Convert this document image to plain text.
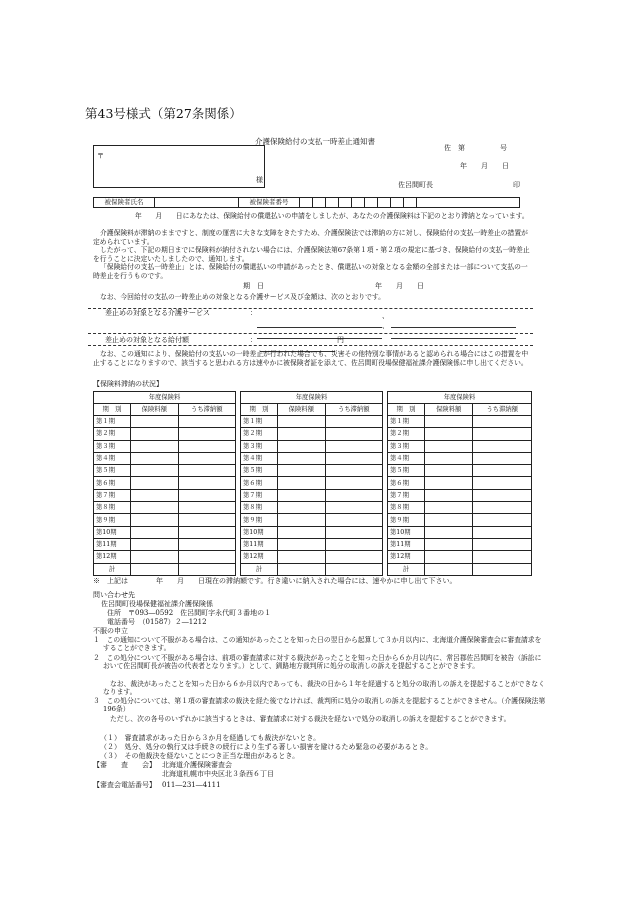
第43号様式（第27条関係）
介護保険給付の支払一時差止通知書
〒
様
佐　第　　　　　号
年　　月　　日
佐呂間町長	印
被保険者氏名	被保険者番号
年　　月　　日にあなたは、保険給付の償還払いの申請をしましたが、あなたの介護保険料は下記のとおり滞納となっています。
介護保険料が滞納のままですと、制度の運営に大きな支障をきたすため、介護保険法では滞納の方に対し、保険給付の支払一時差止の措置が定められています。
したがって、下記の期日までに保険料が納付されない場合には、介護保険法第67条第１項・第２項の規定に基づき、保険給付の支払一時差止を行うことに決定いたしましたので、通知します。
「保険給付の支払一時差止」とは、保険給付の償還払いの申請があったとき、償還払いの対象となる金額の全部または一部について支払の一時差止を行うものです。
期　日	年　　月　　日
なお、今回給付の支払の一時差止めの対象となる介護サービス及び金額は、次のとおりです。
差止めの対象となる介護サービス	：	、
、
差止めの対象となる給付額	：	円
なお、この通知により、保険給付の支払いの一時差止が行われた場合でも、災害その他特別な事情があると認められる場合にはこの措置を中止することになりますので、該当すると思われる方は速やかに被保険者証を添えて、佐呂間町役場保健福祉課介護保険係に申し出てください。
【保険料滞納の状況】
年度保険料		
期　別	保険料額	うち滞納額
第１期		
第２期		
第３期		
第４期		
第５期		
第６期		
第７期		
第８期		
第９期		
第10期		
第11期		
第12期		
計		
年度保険料		
期　別	保険料額	うち滞納額
第１期		
第２期		
第３期		
第４期		
第５期		
第６期		
第７期		
第８期		
第９期		
第10期		
第11期		
第12期		
計		
年度保険料		
期　別	保険料額	うち滞納額
第１期		
第２期		
第３期		
第４期		
第５期		
第６期		
第７期		
第８期		
第９期		
第10期		
第11期		
第12期		
計		
※　上記は　　　　年　　月　　日現在の滞納額です。行き違いに納入された場合には、速やかに申し出て下さい。
問い合わせ先
佐呂間町役場保健福祉課介護保険係
住所　〒093―0592　佐呂間町字永代町３番地の１
電話番号　（01587）２―1212
不服の申立
１　この通知について不服がある場合は、この通知があったことを知った日の翌日から起算して３か月以内に、北海道介護保険審査会に審査請求をすることができます。
２　この処分について不服がある場合は、前項の審査請求に対する裁決があったことを知った日から６か月以内に、常呂郡佐呂間町を被告（訴訟において佐呂間町長が被告の代表者となります。）として、釧路地方裁判所に処分の取消しの訴えを提起することができます。
なお、裁決があったことを知った日から６か月以内であっても、裁決の日から１年を経過すると処分の取消しの訴えを提起することができなくなります。
３　この処分については、第１項の審査請求の裁決を経た後でなければ、裁判所に処分の取消しの訴えを提起することができません。（介護保険法第196条）
ただし、次の各号のいずれかに該当するときは、審査請求に対する裁決を経ないで処分の取消しの訴えを提起することができます。
（１）　審査請求があった日から３か月を経過しても裁決がないとき。
（２）　処分、処分の執行又は手続きの続行により生ずる著しい損害を避けるため緊急の必要があるとき。
（３）　その他裁決を経ないことにつき正当な理由があるとき。
【審　　査　　会】 北海道介護保険審査会
北海道札幌市中央区北３条西６丁目
【審査会電話番号】 011―231―4111
